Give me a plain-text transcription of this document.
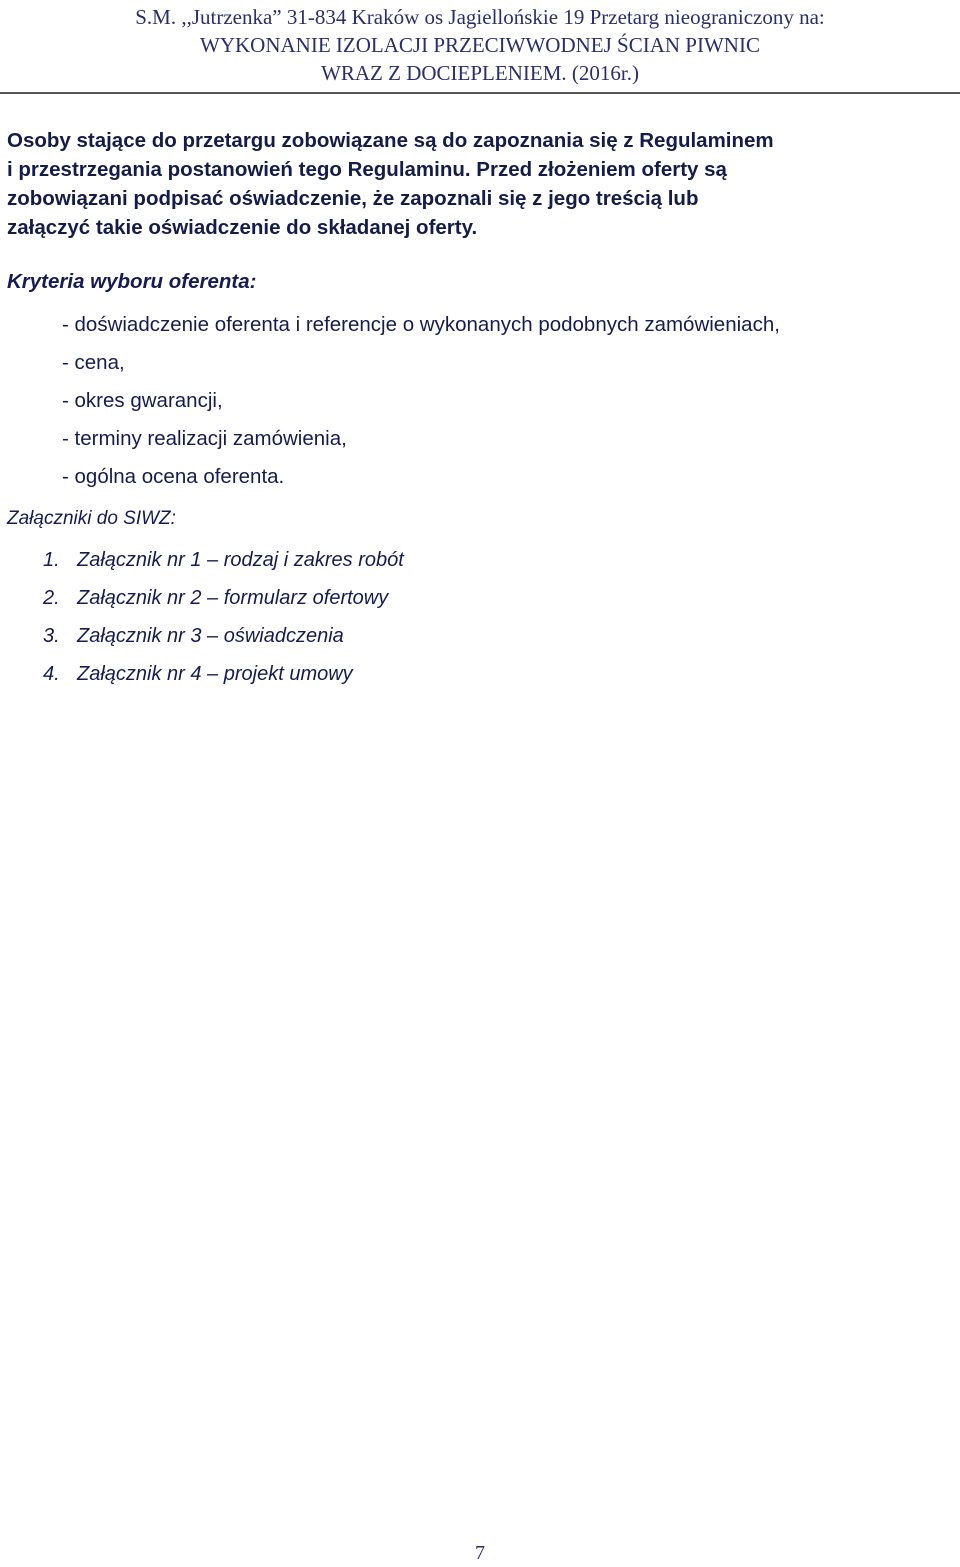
S.M. ,,Jutrzenka” 31-834 Kraków os Jagiellońskie 19 Przetarg nieograniczony na:
WYKONANIE IZOLACJI PRZECIWWODNEJ ŚCIAN PIWNIC
WRAZ Z DOCIEPLENIEM. (2016r.)
Osoby stające do przetargu zobowiązane są do zapoznania się z Regulaminem
i przestrzegania postanowień tego Regulaminu. Przed złożeniem oferty są
zobowiązani podpisać oświadczenie, że zapoznali się z jego treścią lub
załączyć takie oświadczenie do składanej oferty.
Kryteria wyboru oferenta:
- doświadczenie oferenta i referencje o wykonanych podobnych zamówieniach,
- cena,
- okres gwarancji,
- terminy realizacji zamówienia,
- ogólna ocena oferenta.
Załączniki do SIWZ:
1. Załącznik nr 1 – rodzaj i zakres robót
2. Załącznik nr 2 – formularz ofertowy
3. Załącznik nr 3 – oświadczenia
4. Załącznik nr 4 – projekt umowy
7
